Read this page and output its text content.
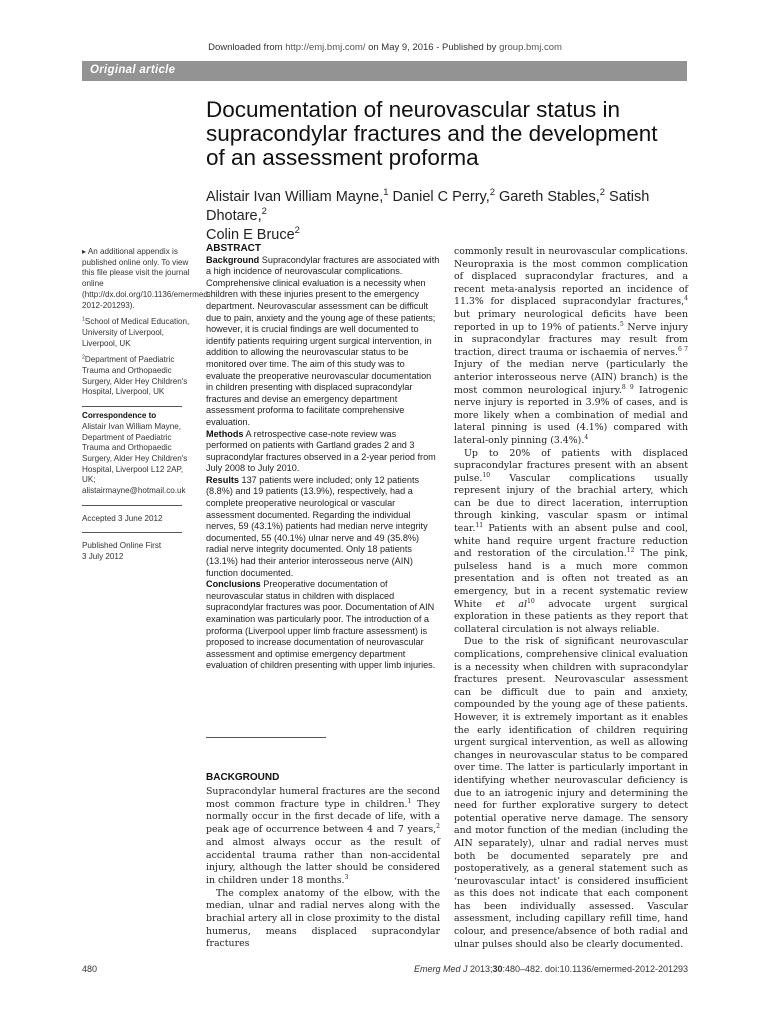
Downloaded from http://emj.bmj.com/ on May 9, 2016 - Published by group.bmj.com
Original article
Documentation of neurovascular status in supracondylar fractures and the development of an assessment proforma
Alistair Ivan William Mayne,$^1$ Daniel C Perry,$^2$ Gareth Stables,$^2$ Satish Dhotare,$^2$
Colin E Bruce$^2$

▸ An additional appendix is published online only. To view this file please visit the journal online (http://dx.doi.org/10.1136/emermed-2012-201293).

$^1$School of Medical Education, University of Liverpool, Liverpool, UK

$^2$Department of Paediatric Trauma and Orthopaedic Surgery, Alder Hey Children's Hospital, Liverpool, UK

Correspondence to
Alistair Ivan William Mayne, Department of Paediatric Trauma and Orthopaedic Surgery, Alder Hey Children's Hospital, Liverpool L12 2AP, UK; alistairmayne@hotmail.co.uk

Accepted 3 June 2012

Published Online First
3 July 2012

ABSTRACT

Background Supracondylar fractures are associated with a high incidence of neurovascular complications. Comprehensive clinical evaluation is a necessity when children with these injuries present to the emergency department. Neurovascular assessment can be difficult due to pain, anxiety and the young age of these patients; however, it is crucial findings are well documented to identify patients requiring urgent surgical intervention, in addition to allowing the neurovascular status to be monitored over time. The aim of this study was to evaluate the preoperative neurovascular documentation in children presenting with displaced supracondylar fractures and devise an emergency department assessment proforma to facilitate comprehensive evaluation.

Methods A retrospective case-note review was performed on patients with Gartland grades 2 and 3 supracondylar fractures observed in a 2-year period from July 2008 to July 2010.

Results 137 patients were included; only 12 patients (8.8%) and 19 patients (13.9%), respectively, had a complete preoperative neurological or vascular assessment documented. Regarding the individual nerves, 59 (43.1%) patients had median nerve integrity documented, 55 (40.1%) ulnar nerve and 49 (35.8%) radial nerve integrity documented. Only 18 patients (13.1%) had their anterior interosseous nerve (AIN) function documented.

Conclusions Preoperative documentation of neurovascular status in children with displaced supracondylar fractures was poor. Documentation of AIN examination was particularly poor. The introduction of a proforma (Liverpool upper limb fracture assessment) is proposed to increase documentation of neurovascular assessment and optimise emergency department evaluation of children presenting with upper limb injuries.

BACKGROUND

Supracondylar humeral fractures are the second most common fracture type in children.$^1$ They normally occur in the first decade of life, with a peak age of occurrence between 4 and 7 years,$^2$ and almost always occur as the result of accidental trauma rather than non-accidental injury, although the latter should be considered in children under 18 months.$^3$

The complex anatomy of the elbow, with the median, ulnar and radial nerves along with the brachial artery all in close proximity to the distal humerus, means displaced supracondylar fractures

commonly result in neurovascular complications. Neuropraxia is the most common complication of displaced supracondylar fractures, and a recent meta-analysis reported an incidence of 11.3% for displaced supracondylar fractures,$^4$ but primary neurological deficits have been reported in up to 19% of patients.$^5$ Nerve injury in supracondylar fractures may result from traction, direct trauma or ischaemia of nerves.$^{6 7}$ Injury of the median nerve (particularly the anterior interosseous nerve (AIN) branch) is the most common neurological injury.$^{8 9}$ Iatrogenic nerve injury is reported in 3.9% of cases, and is more likely when a combination of medial and lateral pinning is used (4.1%) compared with lateral-only pinning (3.4%).$^4$

Up to 20% of patients with displaced supracondylar fractures present with an absent pulse.$^{10}$ Vascular complications usually represent injury of the brachial artery, which can be due to direct laceration, interruption through kinking, vascular spasm or intimal tear.$^{11}$ Patients with an absent pulse and cool, white hand require urgent fracture reduction and restoration of the circulation.$^{12}$ The pink, pulseless hand is a much more common presentation and is often not treated as an emergency, but in a recent systematic review White et $al^{10}$ advocate urgent surgical exploration in these patients as they report that collateral circulation is not always reliable.

Due to the risk of significant neurovascular complications, comprehensive clinical evaluation is a necessity when children with supracondylar fractures present. Neurovascular assessment can be difficult due to pain and anxiety, compounded by the young age of these patients. However, it is extremely important as it enables the early identification of children requiring urgent surgical intervention, as well as allowing changes in neurovascular status to be compared over time. The latter is particularly important in identifying whether neurovascular deficiency is due to an iatrogenic injury and determining the need for further explorative surgery to detect potential operative nerve damage. The sensory and motor function of the median (including the AIN separately), ulnar and radial nerves must both be documented separately pre and postoperatively, as a general statement such as ‘neurovascular intact’ is considered insufficient as this does not indicate that each component has been individually assessed. Vascular assessment, including capillary refill time, hand colour, and presence/absence of both radial and ulnar pulses should also be clearly documented.

480	Emerg Med J 2013;30:480–482. doi:10.1136/emermed-2012-201293
